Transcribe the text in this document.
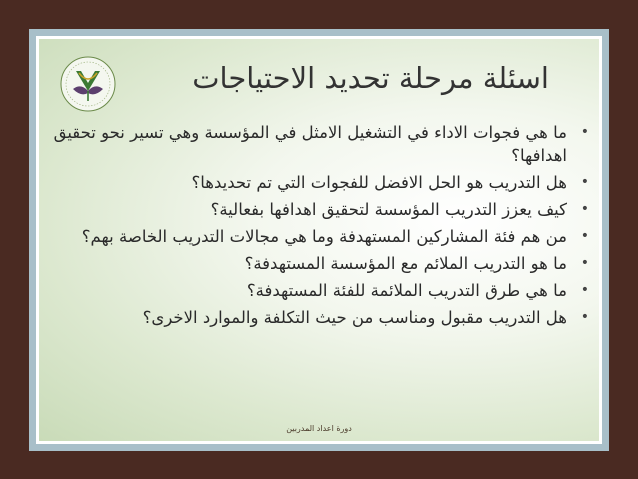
اسئلة مرحلة تحديد الاحتياجات
•
ما هي فجوات الاداء في التشغيل الامثل في المؤسسة وهي تسير نحو تحقيق اهدافها؟
•
هل التدريب هو الحل الافضل للفجوات التي تم تحديدها؟
•
كيف يعزز التدريب المؤسسة لتحقيق اهدافها بفعالية؟
•
من هم فئة المشاركين المستهدفة وما هي مجالات التدريب الخاصة بهم؟
•
ما هو التدريب الملائم مع المؤسسة المستهدفة؟
•
ما هي طرق التدريب الملائمة للفئة المستهدفة؟
•
هل التدريب مقبول ومناسب من حيث التكلفة والموارد الاخرى؟
دورة اعداد المدربين
